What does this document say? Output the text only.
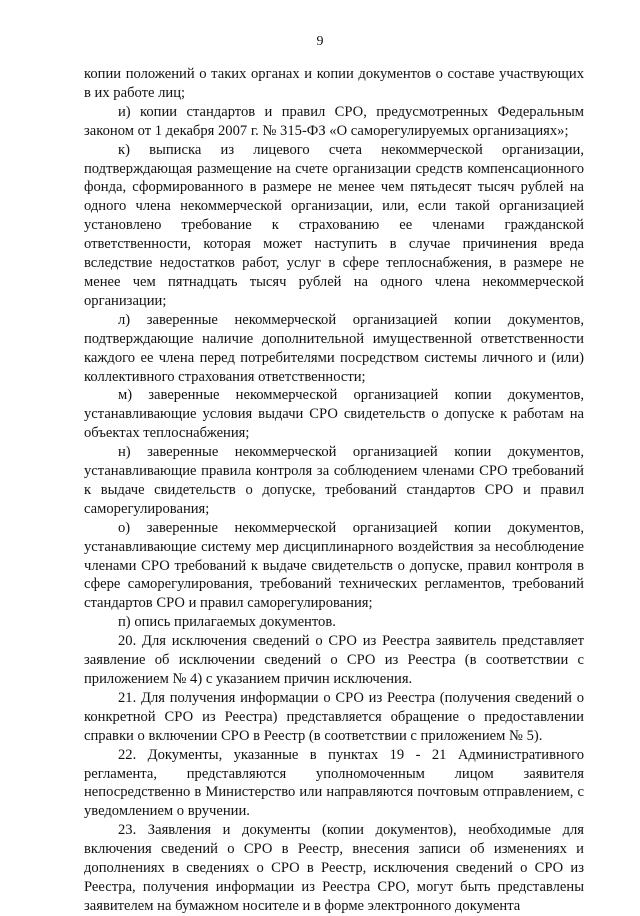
9

копии положений о таких органах и копии документов о составе участвующих в их работе лиц;

и) копии стандартов и правил СРО, предусмотренных Федеральным законом от 1 декабря 2007 г. № 315-ФЗ «О саморегулируемых организациях»;

к) выписка из лицевого счета некоммерческой организации, подтверждающая размещение на счете организации средств компенсационного фонда, сформированного в размере не менее чем пятьдесят тысяч рублей на одного члена некоммерческой организации, или, если такой организацией установлено требование к страхованию ее членами гражданской ответственности, которая может наступить в случае причинения вреда вследствие недостатков работ, услуг в сфере теплоснабжения, в размере не менее чем пятнадцать тысяч рублей на одного члена некоммерческой организации;

л) заверенные некоммерческой организацией копии документов, подтверждающие наличие дополнительной имущественной ответственности каждого ее члена перед потребителями посредством системы личного и (или) коллективного страхования ответственности;

м) заверенные некоммерческой организацией копии документов, устанавливающие условия выдачи СРО свидетельств о допуске к работам на объектах теплоснабжения;

н) заверенные некоммерческой организацией копии документов, устанавливающие правила контроля за соблюдением членами СРО требований к выдаче свидетельств о допуске, требований стандартов СРО и правил саморегулирования;

о) заверенные некоммерческой организацией копии документов, устанавливающие систему мер дисциплинарного воздействия за несоблюдение членами СРО требований к выдаче свидетельств о допуске, правил контроля в сфере саморегулирования, требований технических регламентов, требований стандартов СРО и правил саморегулирования;

п) опись прилагаемых документов.

20. Для исключения сведений о СРО из Реестра заявитель представляет заявление об исключении сведений о СРО из Реестра (в соответствии с приложением № 4) с указанием причин исключения.

21. Для получения информации о СРО из Реестра (получения сведений о конкретной СРО из Реестра) представляется обращение о предоставлении справки о включении СРО в Реестр (в соответствии с приложением № 5).

22. Документы, указанные в пунктах 19 - 21 Административного регламента, представляются уполномоченным лицом заявителя непосредственно в Министерство или направляются почтовым отправлением, с уведомлением о вручении.

23. Заявления и документы (копии документов), необходимые для включения сведений о СРО в Реестр, внесения записи об изменениях и дополнениях в сведениях о СРО в Реестр, исключения сведений о СРО из Реестра, получения информации из Реестра СРО, могут быть представлены заявителем на бумажном носителе и в форме электронного документа
